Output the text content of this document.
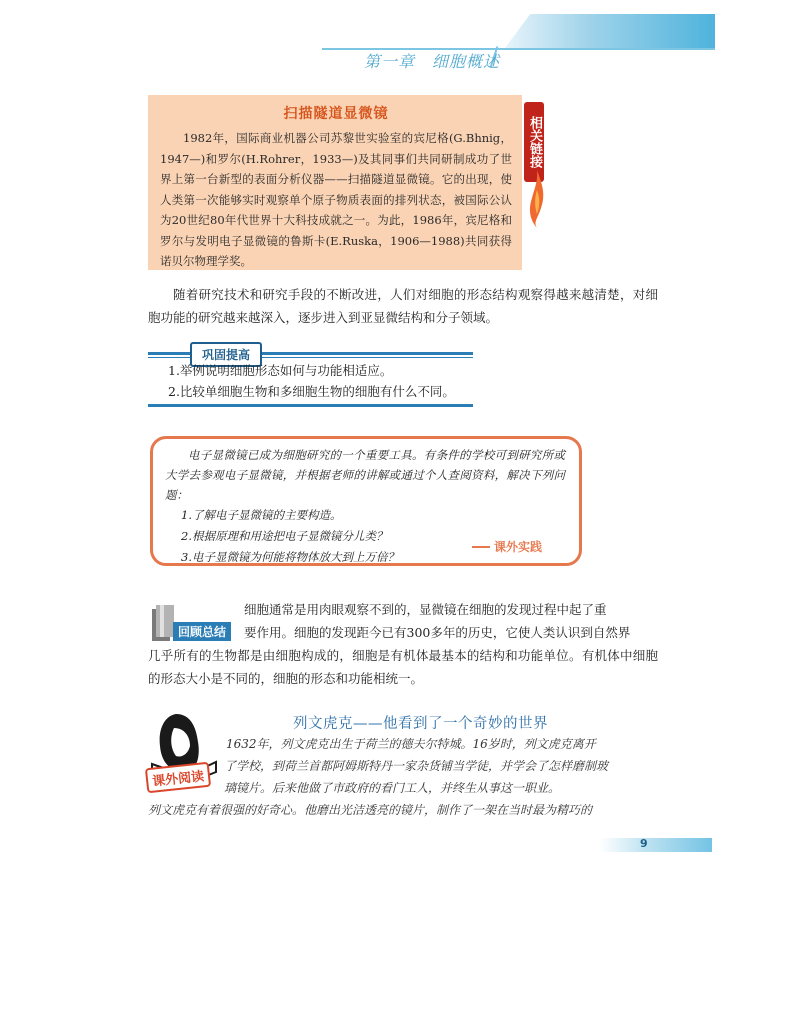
第一章　细胞概述
扫描隧道显微镜

1982年，国际商业机器公司苏黎世实验室的宾尼格(G.Bhnig，1947—)和罗尔(H.Rohrer，1933—)及其同事们共同研制成功了世界上第一台新型的表面分析仪器——扫描隧道显微镜。它的出现，使人类第一次能够实时观察单个原子物质表面的排列状态，被国际公认为20世纪80年代世界十大科技成就之一。为此，1986年，宾尼格和罗尔与发明电子显微镜的鲁斯卡(E.Ruska，1906—1988)共同获得诺贝尔物理学奖。

相关链接

随着研究技术和研究手段的不断改进，人们对细胞的形态结构观察得越来越清楚，对细胞功能的研究越来越深入，逐步进入到亚显微结构和分子领域。

巩固提高
1.举例说明细胞形态如何与功能相适应。
2.比较单细胞生物和多细胞生物的细胞有什么不同。

电子显微镜已成为细胞研究的一个重要工具。有条件的学校可到研究所或大学去参观电子显微镜，并根据老师的讲解或通过个人查阅资料，解决下列问题：

1.了解电子显微镜的主要构造。

2.根据原理和用途把电子显微镜分儿类？

3.电子显微镜为何能将物体放大到上万倍？

课外实践
回顾总结
细胞通常是用肉眼观察不到的，显微镜在细胞的发现过程中起了重
要作用。细胞的发现距今已有300多年的历史，它使人类认识到自然界
几乎所有的生物都是由细胞构成的，细胞是有机体最基本的结构和功能单位。有机体中细胞的形态大小是不同的，细胞的形态和功能相统一。
课外阅读
列文虎克——他看到了一个奇妙的世界
1632年，列文虎克出生于荷兰的德夫尔特城。16岁时，列文虎克离开
了学校，到荷兰首都阿姆斯特丹一家杂货铺当学徒，并学会了怎样磨制玻
璃镜片。后来他做了市政府的看门工人，并终生从事这一职业。
列文虎克有着很强的好奇心。他磨出光洁透亮的镜片，制作了一架在当时最为精巧的
9
